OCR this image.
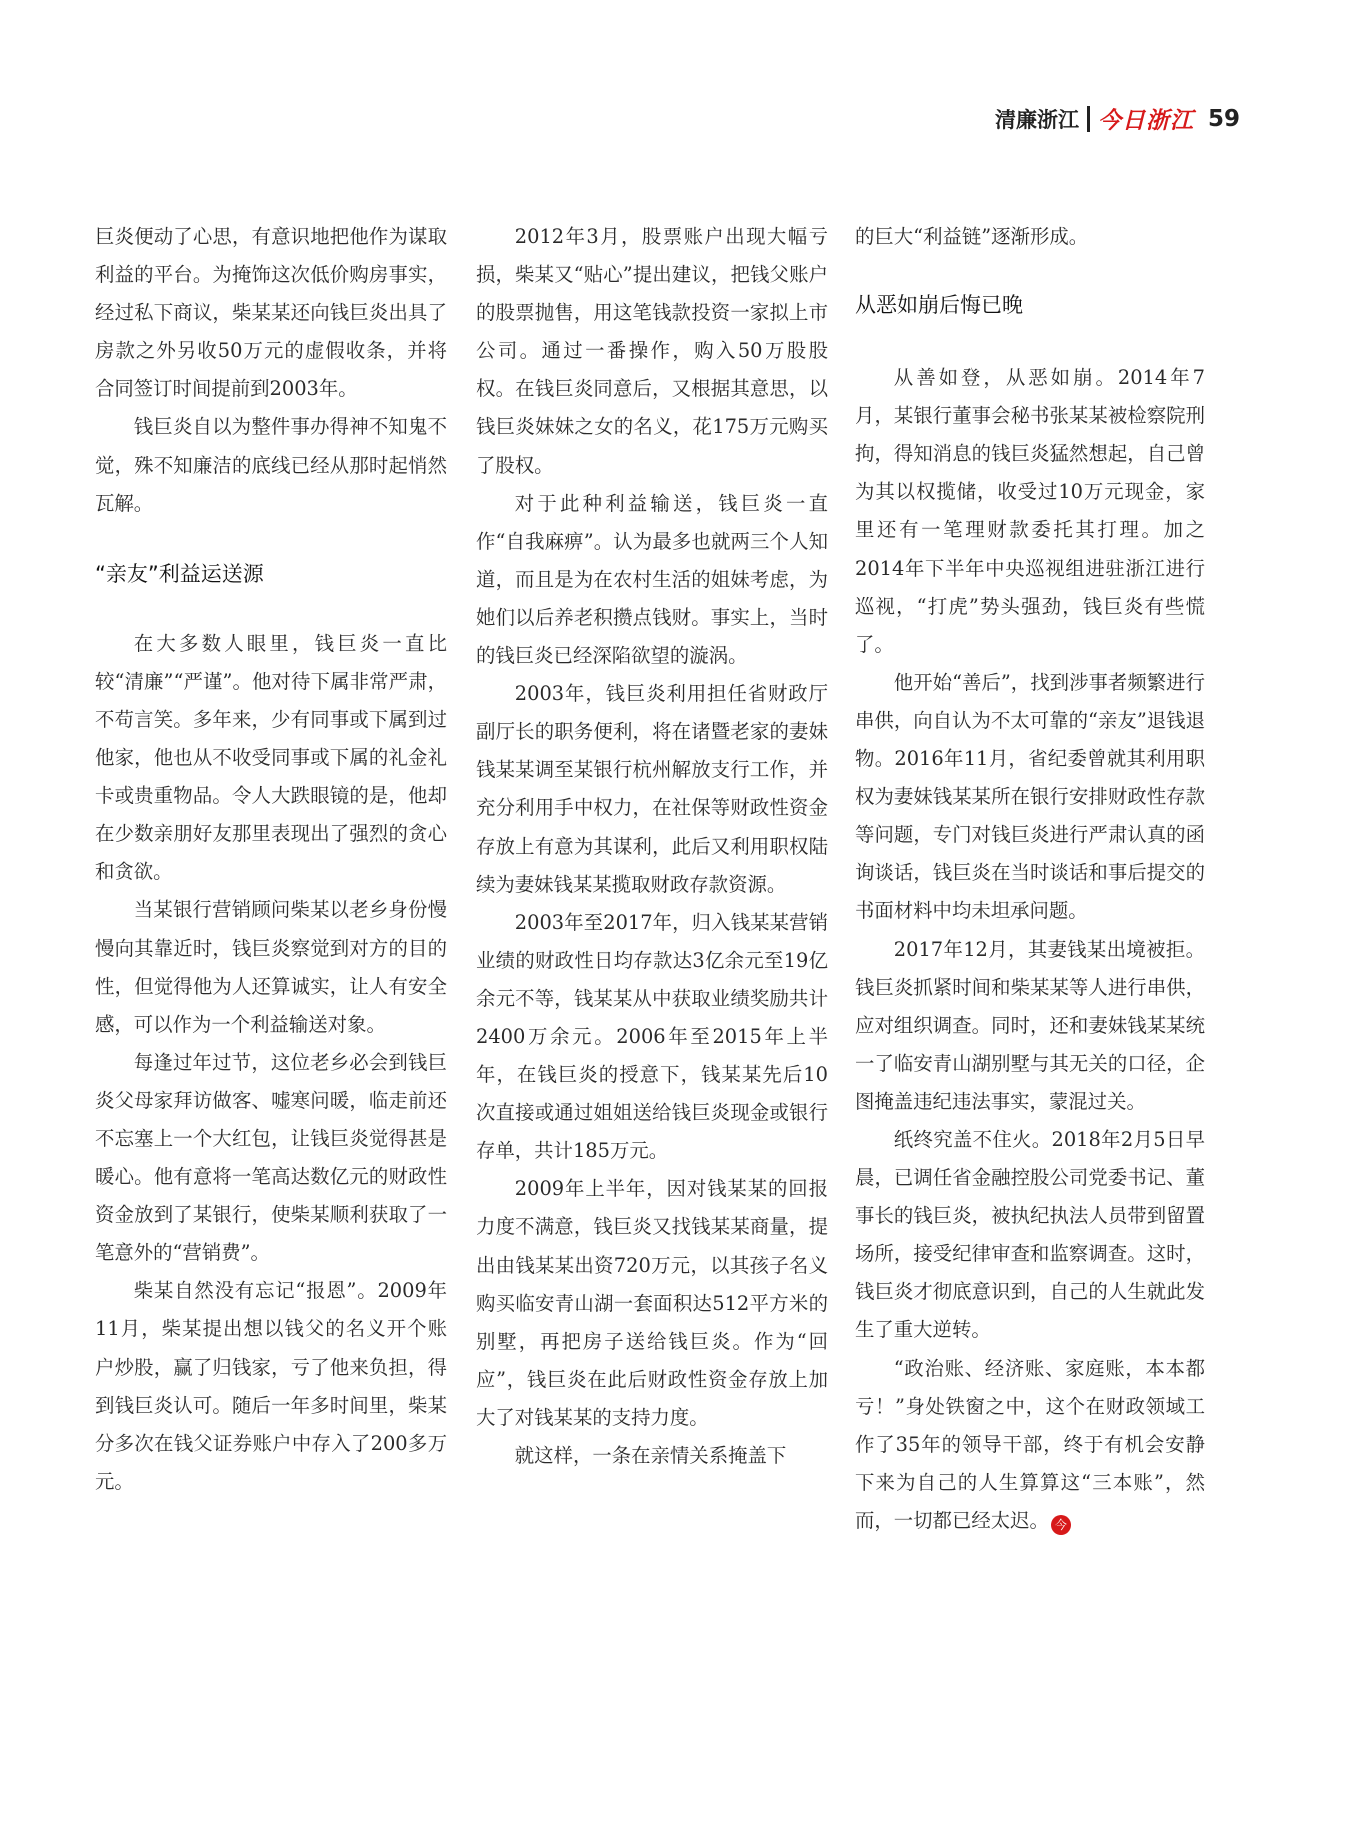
清廉浙江 今日浙江 59

巨炎便动了心思，有意识地把他作为谋取利益的平台。为掩饰这次低价购房事实，经过私下商议，柴某某还向钱巨炎出具了房款之外另收50万元的虚假收条，并将合同签订时间提前到2003年。

钱巨炎自以为整件事办得神不知鬼不觉，殊不知廉洁的底线已经从那时起悄然瓦解。

“亲友”利益运送源

在大多数人眼里，钱巨炎一直比较“清廉”“严谨”。他对待下属非常严肃，不苟言笑。多年来，少有同事或下属到过他家，他也从不收受同事或下属的礼金礼卡或贵重物品。令人大跌眼镜的是，他却在少数亲朋好友那里表现出了强烈的贪心和贪欲。

当某银行营销顾问柴某以老乡身份慢慢向其靠近时，钱巨炎察觉到对方的目的性，但觉得他为人还算诚实，让人有安全感，可以作为一个利益输送对象。

每逢过年过节，这位老乡必会到钱巨炎父母家拜访做客、嘘寒问暖，临走前还不忘塞上一个大红包，让钱巨炎觉得甚是暖心。他有意将一笔高达数亿元的财政性资金放到了某银行，使柴某顺利获取了一笔意外的“营销费”。

柴某自然没有忘记“报恩”。2009年11月，柴某提出想以钱父的名义开个账户炒股，赢了归钱家，亏了他来负担，得到钱巨炎认可。随后一年多时间里，柴某分多次在钱父证券账户中存入了200多万元。

2012年3月，股票账户出现大幅亏损，柴某又“贴心”提出建议，把钱父账户的股票抛售，用这笔钱款投资一家拟上市公司。通过一番操作，购入50万股股权。在钱巨炎同意后，又根据其意思，以钱巨炎妹妹之女的名义，花175万元购买了股权。

对于此种利益输送，钱巨炎一直作“自我麻痹”。认为最多也就两三个人知道，而且是为在农村生活的姐妹考虑，为她们以后养老积攒点钱财。事实上，当时的钱巨炎已经深陷欲望的漩涡。

2003年，钱巨炎利用担任省财政厅副厅长的职务便利，将在诸暨老家的妻妹钱某某调至某银行杭州解放支行工作，并充分利用手中权力，在社保等财政性资金存放上有意为其谋利，此后又利用职权陆续为妻妹钱某某揽取财政存款资源。

2003年至2017年，归入钱某某营销业绩的财政性日均存款达3亿余元至19亿余元不等，钱某某从中获取业绩奖励共计2400万余元。2006年至2015年上半年，在钱巨炎的授意下，钱某某先后10次直接或通过姐姐送给钱巨炎现金或银行存单，共计185万元。

2009年上半年，因对钱某某的回报力度不满意，钱巨炎又找钱某某商量，提出由钱某某出资720万元，以其孩子名义购买临安青山湖一套面积达512平方米的别墅，再把房子送给钱巨炎。作为“回应”，钱巨炎在此后财政性资金存放上加大了对钱某某的支持力度。

就这样，一条在亲情关系掩盖下

的巨大“利益链”逐渐形成。

从恶如崩后悔已晚

从善如登，从恶如崩。2014年7月，某银行董事会秘书张某某被检察院刑拘，得知消息的钱巨炎猛然想起，自己曾为其以权揽储，收受过10万元现金，家里还有一笔理财款委托其打理。加之2014年下半年中央巡视组进驻浙江进行巡视，“打虎”势头强劲，钱巨炎有些慌了。

他开始“善后”，找到涉事者频繁进行串供，向自认为不太可靠的“亲友”退钱退物。2016年11月，省纪委曾就其利用职权为妻妹钱某某所在银行安排财政性存款等问题，专门对钱巨炎进行严肃认真的函询谈话，钱巨炎在当时谈话和事后提交的书面材料中均未坦承问题。

2017年12月，其妻钱某出境被拒。钱巨炎抓紧时间和柴某某等人进行串供，应对组织调查。同时，还和妻妹钱某某统一了临安青山湖别墅与其无关的口径，企图掩盖违纪违法事实，蒙混过关。

纸终究盖不住火。2018年2月5日早晨，已调任省金融控股公司党委书记、董事长的钱巨炎，被执纪执法人员带到留置场所，接受纪律审查和监察调查。这时，钱巨炎才彻底意识到，自己的人生就此发生了重大逆转。

“政治账、经济账、家庭账，本本都亏！”身处铁窗之中，这个在财政领域工作了35年的领导干部，终于有机会安静下来为自己的人生算算这“三本账”，然而，一切都已经太迟。 今
